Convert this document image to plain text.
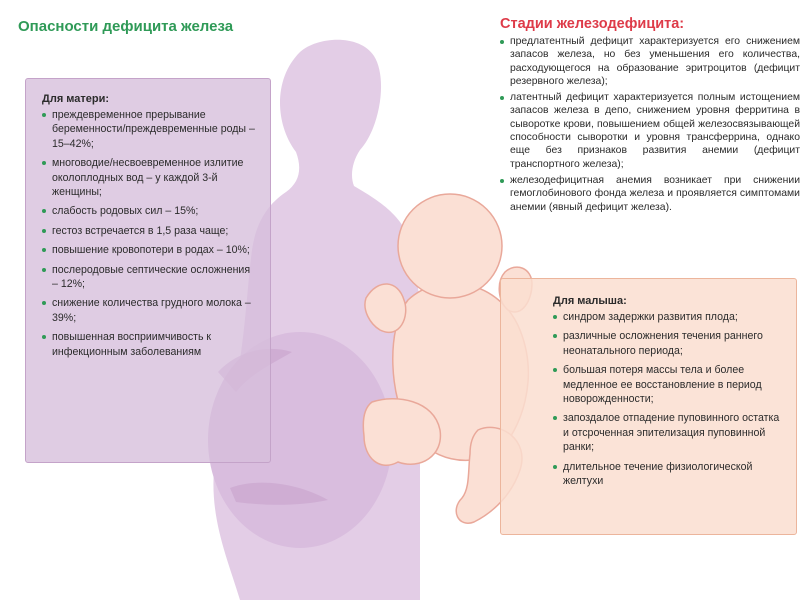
Опасности дефицита железа
Для матери:
преждевременное прерывание беременности/преждевременные роды – 15–42%;
многоводие/несвоевременное излитие околоплодных вод – у каждой 3-й женщины;
слабость родовых сил – 15%;
гестоз встречается в 1,5 раза чаще;
повышение кровопотери в родах – 10%;
послеродовые септические осложнения – 12%;
снижение количества грудного молока – 39%;
повышенная восприимчивость к инфекционным заболеваниям
Стадии железодефицита:
предлатентный дефицит характеризуется его снижением запасов железа, но без уменьшения его количества, расходующегося на образование эритроцитов (дефицит резервного железа);
латентный дефицит характеризуется полным истощением запасов железа в депо, снижением уровня ферритина в сыворотке крови, повышением общей железосвязывающей способности сыворотки и уровня трансферрина, однако еще без признаков развития анемии (дефицит транспортного железа);
железодефицитная анемия возникает при снижении гемоглобинового фонда железа и проявляется симптомами анемии (явный дефицит железа).
Для малыша:
синдром задержки развития плода;
различные осложнения течения раннего неонатального периода;
большая потеря массы тела и более медленное ее восстановление в период новорожденности;
запоздалое отпадение пуповинного остатка и отсроченная эпителизация пуповинной ранки;
длительное течение физиологической желтухи
